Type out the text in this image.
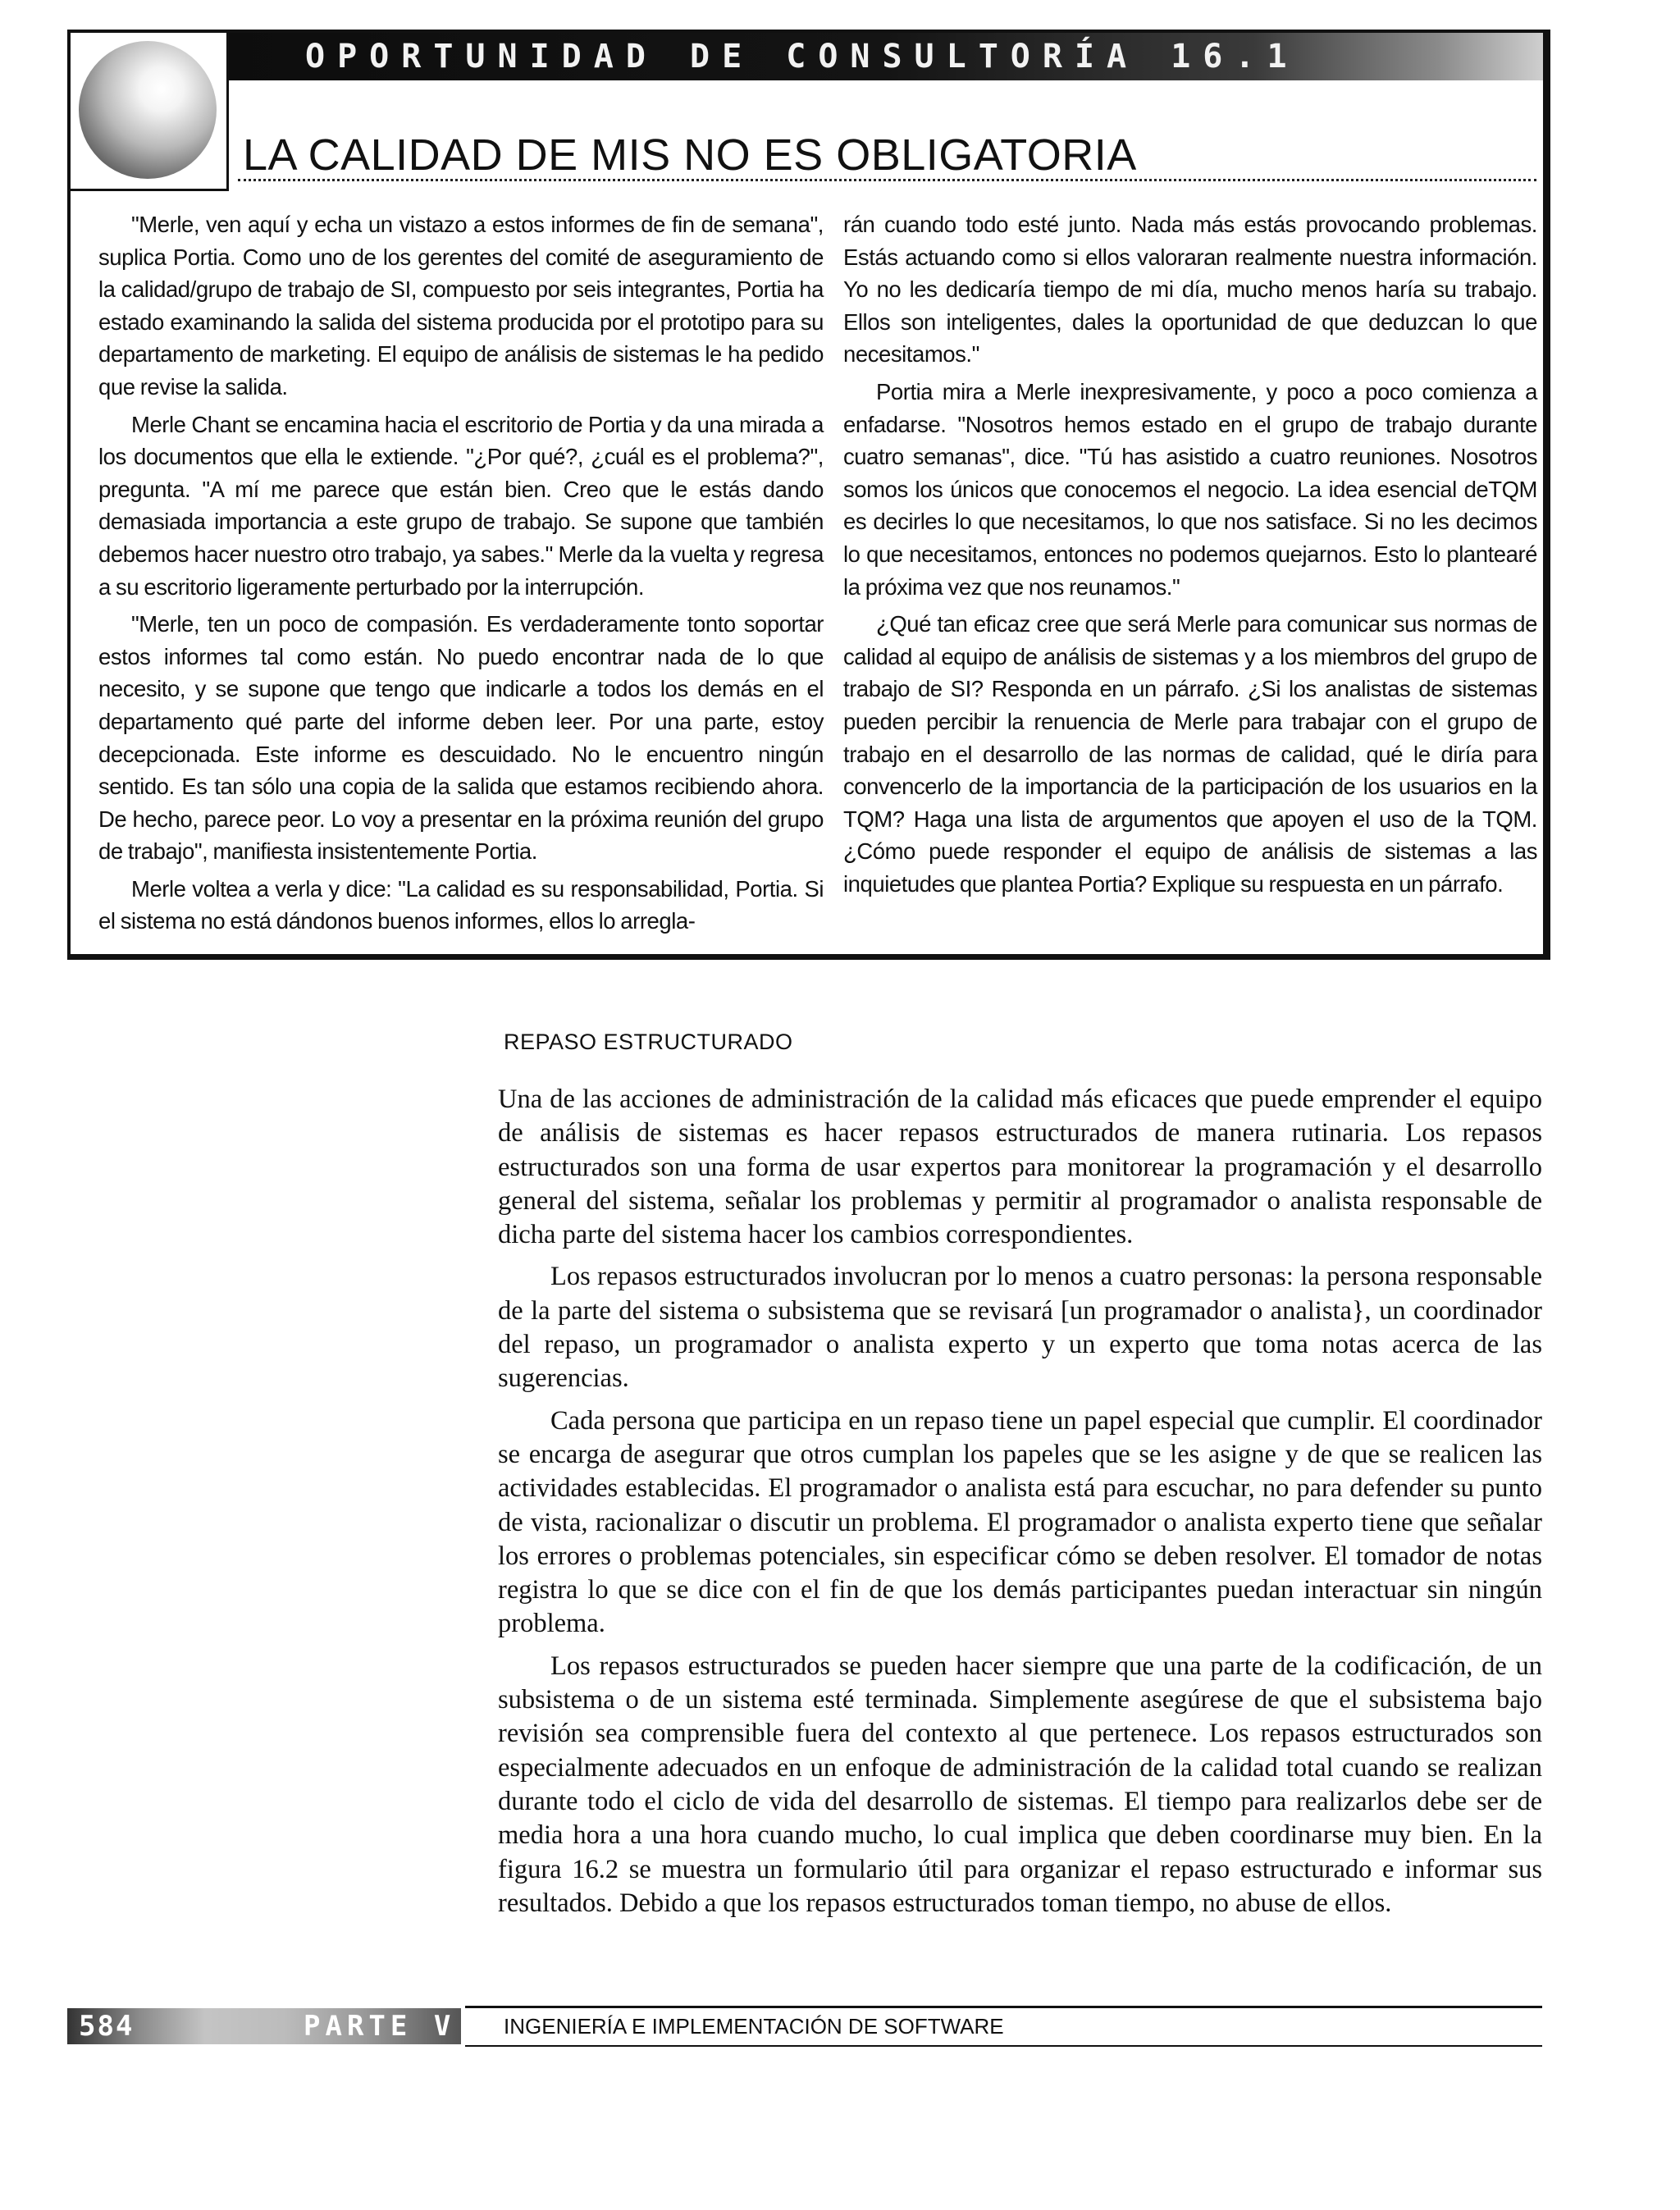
OPORTUNIDAD DE CONSULTORÍA 16.1
LA CALIDAD DE MIS NO ES OBLIGATORIA

"Merle, ven aquí y echa un vistazo a estos informes de fin de semana", suplica Portia. Como uno de los gerentes del comité de aseguramiento de la calidad/grupo de trabajo de SI, compuesto por seis integrantes, Portia ha estado examinando la salida del sistema producida por el prototipo para su departamento de marketing. El equipo de análisis de sistemas le ha pedido que revise la salida.

Merle Chant se encamina hacia el escritorio de Portia y da una mirada a los documentos que ella le extiende. "¿Por qué?, ¿cuál es el problema?", pregunta. "A mí me parece que están bien. Creo que le estás dando demasiada importancia a este grupo de trabajo. Se supone que también debemos hacer nuestro otro trabajo, ya sabes." Merle da la vuelta y regresa a su escritorio ligeramente perturbado por la interrupción.

"Merle, ten un poco de compasión. Es verdaderamente tonto soportar estos informes tal como están. No puedo encontrar nada de lo que necesito, y se supone que tengo que indicarle a todos los demás en el departamento qué parte del informe deben leer. Por una parte, estoy decepcionada. Este informe es descuidado. No le encuentro ningún sentido. Es tan sólo una copia de la salida que estamos recibiendo ahora. De hecho, parece peor. Lo voy a presentar en la próxima reunión del grupo de trabajo", manifiesta insistentemente Portia.

Merle voltea a verla y dice: "La calidad es su responsabilidad, Portia. Si el sistema no está dándonos buenos informes, ellos lo arregla-

rán cuando todo esté junto. Nada más estás provocando problemas. Estás actuando como si ellos valoraran realmente nuestra información. Yo no les dedicaría tiempo de mi día, mucho menos haría su trabajo. Ellos son inteligentes, dales la oportunidad de que deduzcan lo que necesitamos."

Portia mira a Merle inexpresivamente, y poco a poco comienza a enfadarse. "Nosotros hemos estado en el grupo de trabajo durante cuatro semanas", dice. "Tú has asistido a cuatro reuniones. Nosotros somos los únicos que conocemos el negocio. La idea esencial deTQM es decirles lo que necesitamos, lo que nos satisface. Si no les decimos lo que necesitamos, entonces no podemos quejarnos. Esto lo plantearé la próxima vez que nos reunamos."

¿Qué tan eficaz cree que será Merle para comunicar sus normas de calidad al equipo de análisis de sistemas y a los miembros del grupo de trabajo de SI? Responda en un párrafo. ¿Si los analistas de sistemas pueden percibir la renuencia de Merle para trabajar con el grupo de trabajo en el desarrollo de las normas de calidad, qué le diría para convencerlo de la importancia de la participación de los usuarios en la TQM? Haga una lista de argumentos que apoyen el uso de la TQM. ¿Cómo puede responder el equipo de análisis de sistemas a las inquietudes que plantea Portia? Explique su respuesta en un párrafo.

REPASO ESTRUCTURADO

Una de las acciones de administración de la calidad más eficaces que puede emprender el equipo de análisis de sistemas es hacer repasos estructurados de manera rutinaria. Los repasos estructurados son una forma de usar expertos para monitorear la programación y el desarrollo general del sistema, señalar los problemas y permitir al programador o analista responsable de dicha parte del sistema hacer los cambios correspondientes.

Los repasos estructurados involucran por lo menos a cuatro personas: la persona responsable de la parte del sistema o subsistema que se revisará [un programador o analista}, un coordinador del repaso, un programador o analista experto y un experto que toma notas acerca de las sugerencias.

Cada persona que participa en un repaso tiene un papel especial que cumplir. El coordinador se encarga de asegurar que otros cumplan los papeles que se les asigne y de que se realicen las actividades establecidas. El programador o analista está para escuchar, no para defender su punto de vista, racionalizar o discutir un problema. El programador o analista experto tiene que señalar los errores o problemas potenciales, sin especificar cómo se deben resolver. El tomador de notas registra lo que se dice con el fin de que los demás participantes puedan interactuar sin ningún problema.

Los repasos estructurados se pueden hacer siempre que una parte de la codificación, de un subsistema o de un sistema esté terminada. Simplemente asegúrese de que el subsistema bajo revisión sea comprensible fuera del contexto al que pertenece. Los repasos estructurados son especialmente adecuados en un enfoque de administración de la calidad total cuando se realizan durante todo el ciclo de vida del desarrollo de sistemas. El tiempo para realizarlos debe ser de media hora a una hora cuando mucho, lo cual implica que deben coordinarse muy bien. En la figura 16.2 se muestra un formulario útil para organizar el repaso estructurado e informar sus resultados. Debido a que los repasos estructurados toman tiempo, no abuse de ellos.

584	PARTE V INGENIERÍA E IMPLEMENTACIÓN DE SOFTWARE
